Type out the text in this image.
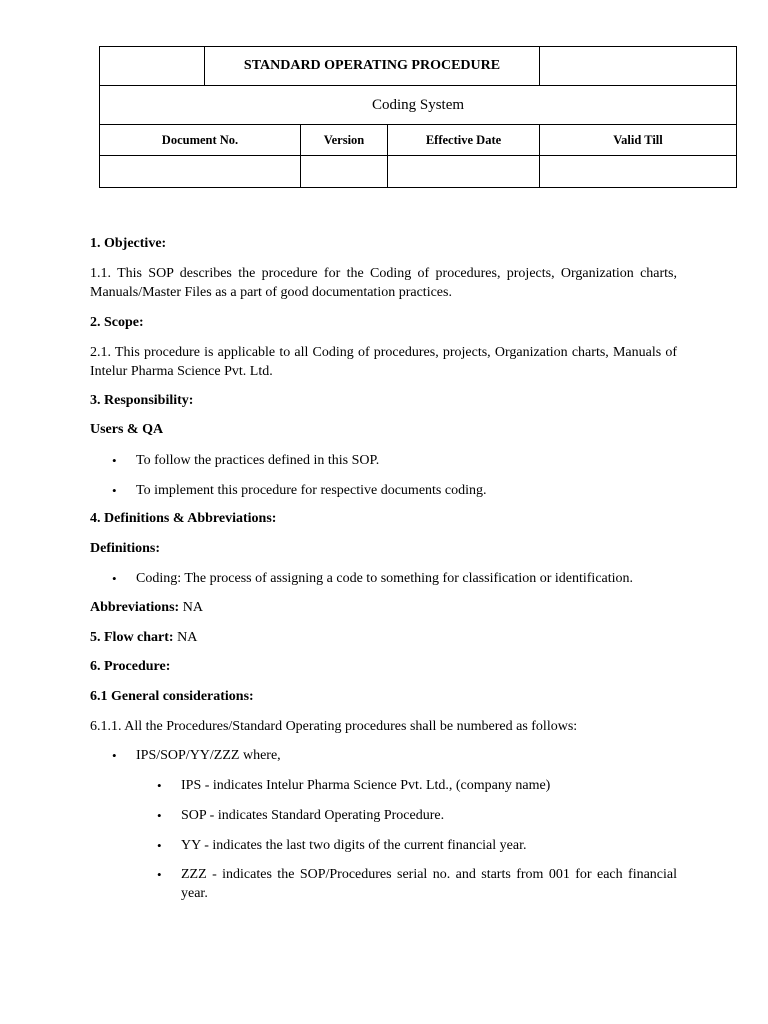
	STANDARD OPERATING PROCEDURE			
Coding System				
Document No.		Version	Effective Date	Valid Till

1. Objective:
1.1. This SOP describes the procedure for the Coding of procedures, projects, Organization charts, Manuals/Master Files as a part of good documentation practices.
2. Scope:
2.1. This procedure is applicable to all Coding of procedures, projects, Organization charts, Manuals of Intelur Pharma Science Pvt. Ltd.
3. Responsibility:
Users & QA
• To follow the practices defined in this SOP.
• To implement this procedure for respective documents coding.
4. Definitions & Abbreviations:
Definitions:
• Coding: The process of assigning a code to something for classification or identification.
Abbreviations: NA
5. Flow chart: NA
6. Procedure:
6.1 General considerations:
6.1.1. All the Procedures/Standard Operating procedures shall be numbered as follows:
• IPS/SOP/YY/ZZZ where,
• IPS - indicates Intelur Pharma Science Pvt. Ltd., (company name)
• SOP - indicates Standard Operating Procedure.
• YY - indicates the last two digits of the current financial year.
• ZZZ - indicates the SOP/Procedures serial no. and starts from 001 for each financial year.
